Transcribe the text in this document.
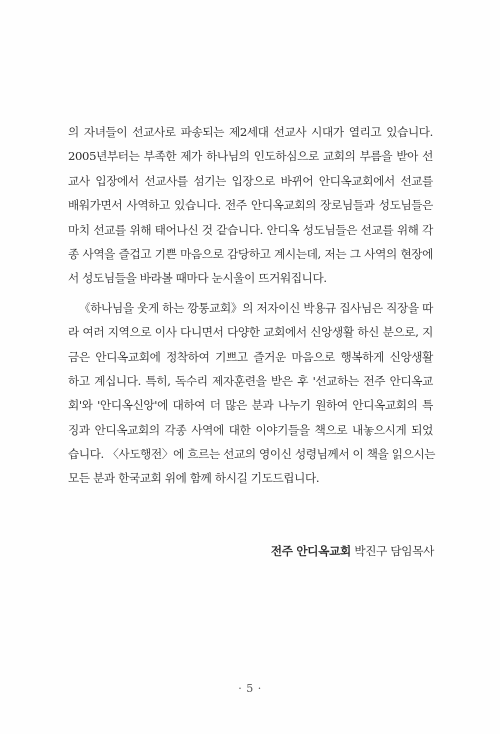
의 자녀들이 선교사로 파송되는 제2세대 선교사 시대가 열리고 있습니다.
2005년부터는 부족한 제가 하나님의 인도하심으로 교회의 부름을 받아 선
교사 입장에서 선교사를 섬기는 입장으로 바뀌어 안디옥교회에서 선교를
배워가면서 사역하고 있습니다. 전주 안디옥교회의 장로님들과 성도님들은
마치 선교를 위해 태어나신 것 같습니다. 안디옥 성도님들은 선교를 위해 각
종 사역을 즐겁고 기쁜 마음으로 감당하고 계시는데, 저는 그 사역의 현장에
서 성도님들을 바라볼 때마다 눈시울이 뜨거워집니다.
《하나님을 웃게 하는 깡통교회》의 저자이신 박용규 집사님은 직장을 따
라 여러 지역으로 이사 다니면서 다양한 교회에서 신앙생활 하신 분으로, 지
금은 안디옥교회에 정착하여 기쁘고 즐거운 마음으로 행복하게 신앙생활
하고 계십니다. 특히, 독수리 제자훈련을 받은 후 '선교하는 전주 안디옥교
회'와 '안디옥신앙'에 대하여 더 많은 분과 나누기 원하여 안디옥교회의 특
징과 안디옥교회의 각종 사역에 대한 이야기들을 책으로 내놓으시게 되었
습니다. 〈사도행전〉에 흐르는 선교의 영이신 성령님께서 이 책을 읽으시는
모든 분과 한국교회 위에 함께 하시길 기도드립니다.
전주 안디옥교회 박진구 담임목사
· 5 ·
